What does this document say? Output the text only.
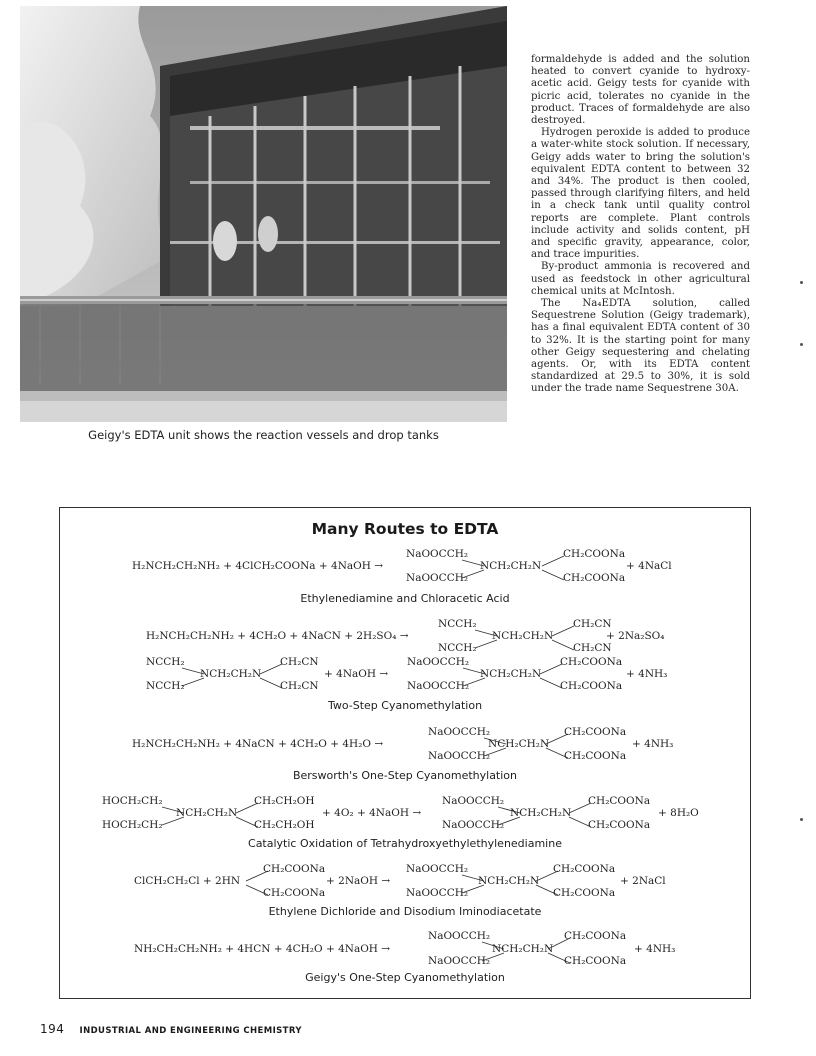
Geigy's EDTA unit shows the reaction vessels and drop tanks

formaldehyde is added and the solution heated to convert cyanide to hydroxy-acetic acid. Geigy tests for cyanide with picric acid, tolerates no cyanide in the product. Traces of formaldehyde are also destroyed.

Hydrogen peroxide is added to produce a water-white stock solution. If necessary, Geigy adds water to bring the solution's equivalent EDTA content to between 32 and 34%. The product is then cooled, passed through clarifying filters, and held in a check tank until quality control reports are complete. Plant controls include activity and solids content, pH and specific gravity, appearance, color, and trace impurities.

By-product ammonia is recovered and used as feedstock in other agricultural chemical units at McIntosh.

The Na₄EDTA solution, called Sequestrene Solution (Geigy trademark), has a final equivalent EDTA content of 30 to 32%. It is the starting point for many other Geigy sequestering and chelating agents. Or, with its EDTA content standardized at 29.5 to 30%, it is sold under the trade name Sequestrene 30A.

Many Routes to EDTA
H₂NCH₂CH₂NH₂ + 4ClCH₂COONa + 4NaOH →
NaOOCCH₂
NaOOCCH₂
NCH₂CH₂N
CH₂COONa
CH₂COONa
+ 4NaCl
Ethylenediamine and Chloracetic Acid
H₂NCH₂CH₂NH₂ + 4CH₂O + 4NaCN + 2H₂SO₄ →
NCCH₂
NCCH₂
NCH₂CH₂N
CH₂CN
CH₂CN
+ 2Na₂SO₄
NCCH₂
NCCH₂
NCH₂CH₂N
CH₂CN
CH₂CN
+ 4NaOH →
NaOOCCH₂
NaOOCCH₂
NCH₂CH₂N
CH₂COONa
CH₂COONa
+ 4NH₃
Two-Step Cyanomethylation
H₂NCH₂CH₂NH₂ + 4NaCN + 4CH₂O + 4H₂O →
NaOOCCH₂
NaOOCCH₂
NCH₂CH₂N
CH₂COONa
CH₂COONa
+ 4NH₃
Bersworth's One-Step Cyanomethylation
HOCH₂CH₂
HOCH₂CH₂
NCH₂CH₂N
CH₂CH₂OH
CH₂CH₂OH
+ 4O₂ + 4NaOH →
NaOOCCH₂
NaOOCCH₂
NCH₂CH₂N
CH₂COONa
CH₂COONa
+ 8H₂O
Catalytic Oxidation of Tetrahydroxyethylethylenediamine
ClCH₂CH₂Cl + 2HN
CH₂COONa
CH₂COONa
+ 2NaOH →
NaOOCCH₂
NaOOCCH₂
NCH₂CH₂N
CH₂COONa
CH₂COONa
+ 2NaCl
Ethylene Dichloride and Disodium Iminodiacetate
NH₂CH₂CH₂NH₂ + 4HCN + 4CH₂O + 4NaOH →
NaOOCCH₂
NaOOCCH₂
NCH₂CH₂N
CH₂COONa
CH₂COONa
+ 4NH₃
Geigy's One-Step Cyanomethylation
194 INDUSTRIAL AND ENGINEERING CHEMISTRY
